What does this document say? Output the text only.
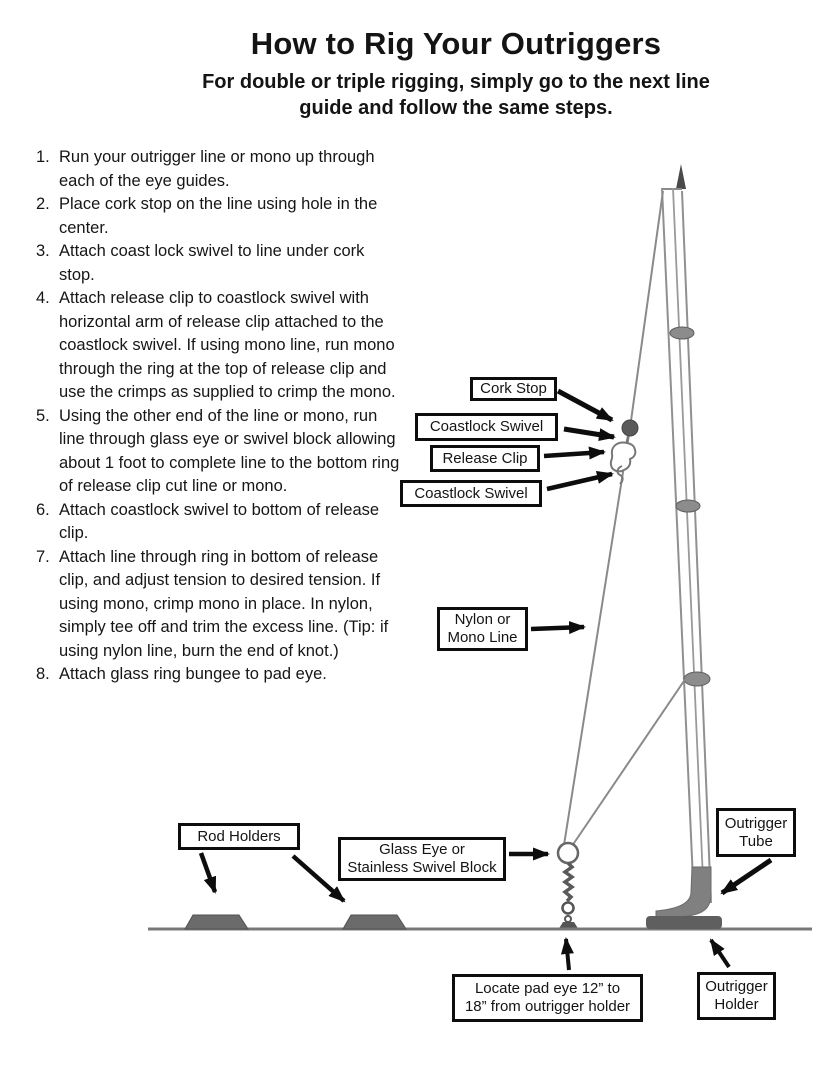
How to Rig Your Outriggers
For double or triple rigging, simply go to the next line
guide and follow the same steps.
1. Run your outrigger line or mono up through each of the eye guides.
2. Place cork stop on the line using hole in the center.
3. Attach coast lock swivel to line under cork stop.
4. Attach release clip to coastlock swivel with horizontal arm of release clip attached to the coastlock swivel. If using mono line, run mono through the ring at the top of release clip and use the crimps as supplied to crimp the mono.
5. Using the other end of the line or mono, run line through glass eye or swivel block allowing about 1 foot to complete line to the bottom ring of release clip cut line or mono.
6. Attach coastlock swivel to bottom of release clip.
7. Attach line through ring in bottom of release clip, and adjust tension to desired tension. If using mono, crimp mono in place. In nylon, simply tee off and trim the excess line. (Tip: if using nylon line, burn the end of knot.)
8. Attach glass ring bungee to pad eye.
Cork Stop
Coastlock Swivel
Release Clip
Coastlock Swivel
Nylon or
Mono Line
Rod Holders
Glass Eye or
Stainless Swivel Block
Outrigger
Tube
Locate pad eye 12” to
18” from outrigger holder
Outrigger
Holder
